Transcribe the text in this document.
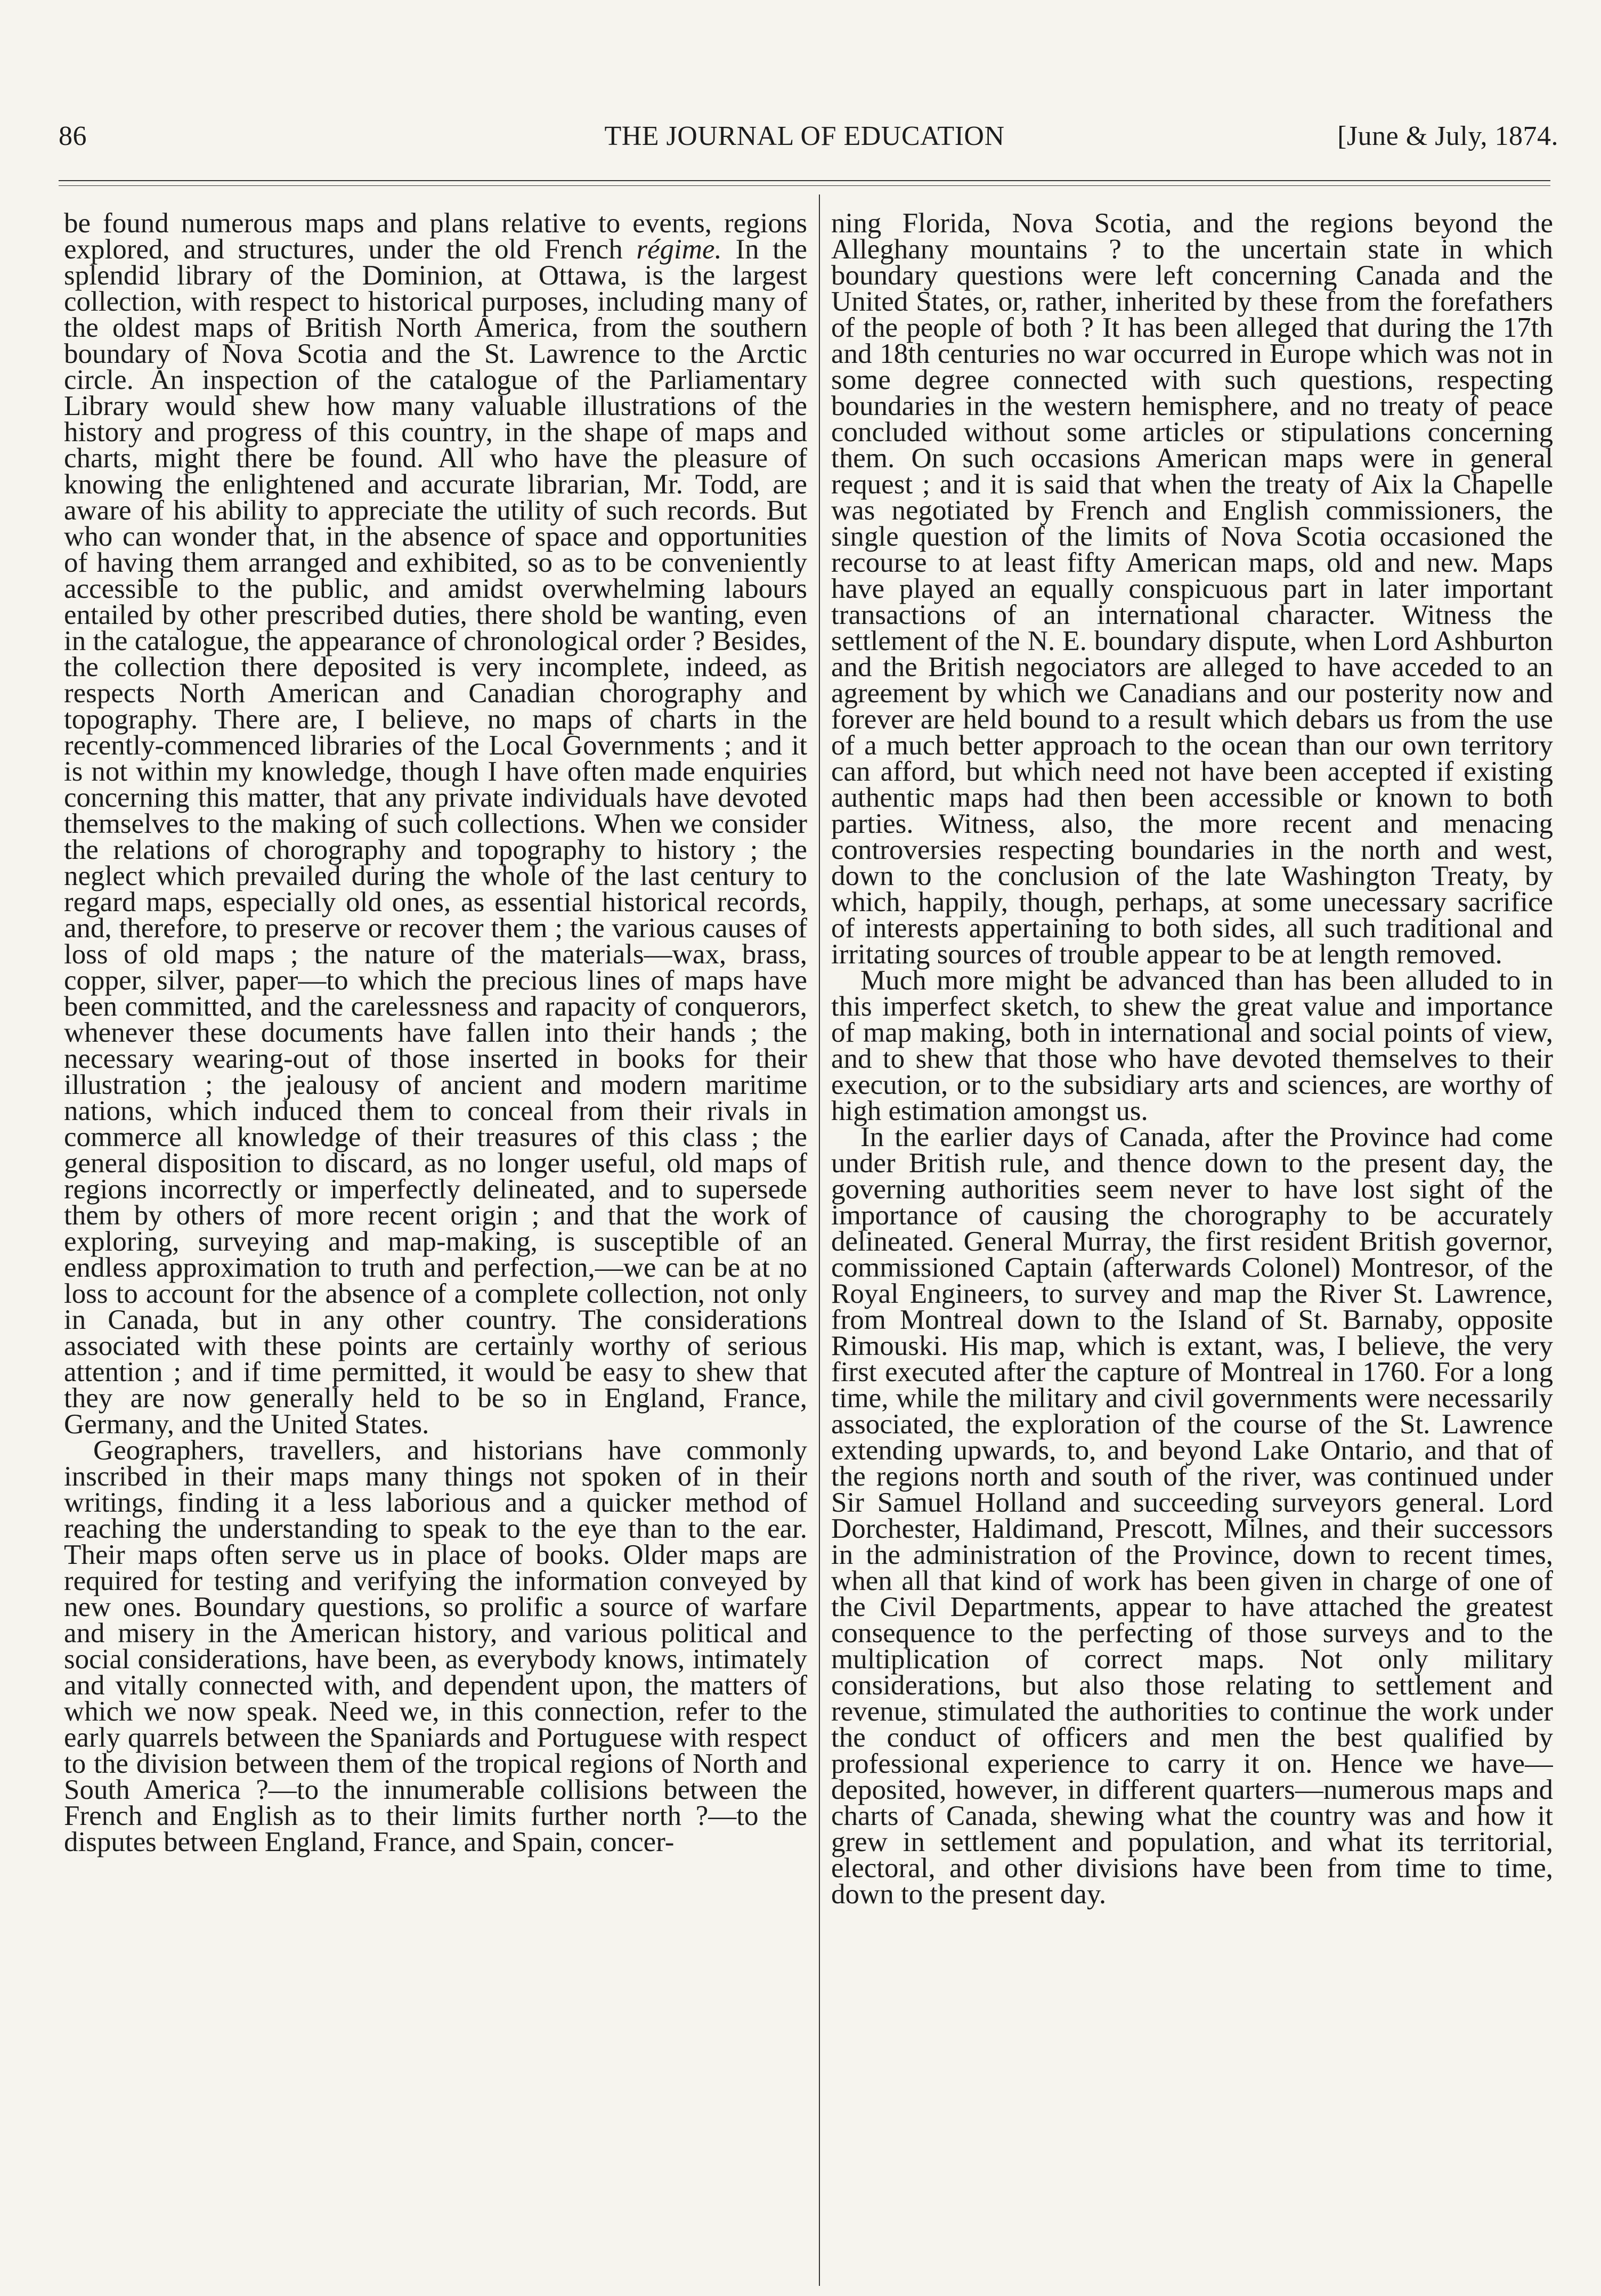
86	THE JOURNAL OF EDUCATION	[June & July, 1874.

be found numerous maps and plans relative to events, regions explored, and structures, under the old French régime. In the splendid library of the Dominion, at Ottawa, is the largest collection, with respect to historical purposes, including many of the oldest maps of British North America, from the southern boundary of Nova Scotia and the St. Lawrence to the Arctic circle. An inspection of the catalogue of the Parliamentary Library would shew how many valuable illustrations of the history and progress of this country, in the shape of maps and charts, might there be found. All who have the pleasure of knowing the enlightened and accurate librarian, Mr. Todd, are aware of his ability to appreciate the utility of such records. But who can wonder that, in the absence of space and opportunities of having them arranged and exhibited, so as to be conveniently accessible to the public, and amidst overwhelming labours entailed by other prescribed duties, there shold be wanting, even in the catalogue, the appearance of chronological order ? Besides, the collection there deposited is very incomplete, indeed, as respects North American and Canadian chorography and topography. There are, I believe, no maps of charts in the recently-commenced libraries of the Local Governments ; and it is not within my knowledge, though I have often made enquiries concerning this matter, that any private individuals have devoted themselves to the making of such collections. When we consider the relations of chorography and topography to history ; the neglect which prevailed during the whole of the last century to regard maps, especially old ones, as essential historical records, and, therefore, to preserve or recover them ; the various causes of loss of old maps ; the nature of the materials—wax, brass, copper, silver, paper—to which the precious lines of maps have been committed, and the carelessness and rapacity of conquerors, whenever these documents have fallen into their hands ; the necessary wearing-out of those inserted in books for their illustration ; the jealousy of ancient and modern maritime nations, which induced them to conceal from their rivals in commerce all knowledge of their treasures of this class ; the general disposition to discard, as no longer useful, old maps of regions incorrectly or imperfectly delineated, and to supersede them by others of more recent origin ; and that the work of exploring, surveying and map-making, is susceptible of an endless approximation to truth and perfection,—we can be at no loss to account for the absence of a complete collection, not only in Canada, but in any other country. The considerations associated with these points are certainly worthy of serious attention ; and if time permitted, it would be easy to shew that they are now generally held to be so in England, France, Germany, and the United States.

Geographers, travellers, and historians have commonly inscribed in their maps many things not spoken of in their writings, finding it a less laborious and a quicker method of reaching the understanding to speak to the eye than to the ear. Their maps often serve us in place of books. Older maps are required for testing and verifying the information conveyed by new ones. Boundary questions, so prolific a source of warfare and misery in the American history, and various political and social considerations, have been, as everybody knows, intimately and vitally connected with, and dependent upon, the matters of which we now speak. Need we, in this connection, refer to the early quarrels between the Spaniards and Portuguese with respect to the division between them of the tropical regions of North and South America ?—to the innumerable collisions between the French and English as to their limits further north ?—to the disputes between England, France, and Spain, concer-

ning Florida, Nova Scotia, and the regions beyond the Alleghany mountains ? to the uncertain state in which boundary questions were left concerning Canada and the United States, or, rather, inherited by these from the forefathers of the people of both ? It has been alleged that during the 17th and 18th centuries no war occurred in Europe which was not in some degree connected with such questions, respecting boundaries in the western hemisphere, and no treaty of peace concluded without some articles or stipulations concerning them. On such occasions American maps were in general request ; and it is said that when the treaty of Aix la Chapelle was negotiated by French and English commissioners, the single question of the limits of Nova Scotia occasioned the recourse to at least fifty American maps, old and new. Maps have played an equally conspicuous part in later important transactions of an international character. Witness the settlement of the N. E. boundary dispute, when Lord Ashburton and the British negociators are alleged to have acceded to an agreement by which we Canadians and our posterity now and forever are held bound to a result which debars us from the use of a much better approach to the ocean than our own territory can afford, but which need not have been accepted if existing authentic maps had then been accessible or known to both parties. Witness, also, the more recent and menacing controversies respecting boundaries in the north and west, down to the conclusion of the late Washington Treaty, by which, happily, though, perhaps, at some unecessary sacrifice of interests appertaining to both sides, all such traditional and irritating sources of trouble appear to be at length removed.

Much more might be advanced than has been alluded to in this imperfect sketch, to shew the great value and importance of map making, both in international and social points of view, and to shew that those who have devoted themselves to their execution, or to the subsidiary arts and sciences, are worthy of high estimation amongst us.

In the earlier days of Canada, after the Province had come under British rule, and thence down to the present day, the governing authorities seem never to have lost sight of the importance of causing the chorography to be accurately delineated. General Murray, the first resident British governor, commissioned Captain (afterwards Colonel) Montresor, of the Royal Engineers, to survey and map the River St. Lawrence, from Montreal down to the Island of St. Barnaby, opposite Rimouski. His map, which is extant, was, I believe, the very first executed after the capture of Montreal in 1760. For a long time, while the military and civil governments were necessarily associated, the exploration of the course of the St. Lawrence extending upwards, to, and beyond Lake Ontario, and that of the regions north and south of the river, was continued under Sir Samuel Holland and succeeding surveyors general. Lord Dorchester, Haldimand, Prescott, Milnes, and their successors in the administration of the Province, down to recent times, when all that kind of work has been given in charge of one of the Civil Departments, appear to have attached the greatest consequence to the perfecting of those surveys and to the multiplication of correct maps. Not only military considerations, but also those relating to settlement and revenue, stimulated the authorities to continue the work under the conduct of officers and men the best qualified by professional experience to carry it on. Hence we have—deposited, however, in different quarters—numerous maps and charts of Canada, shewing what the country was and how it grew in settlement and population, and what its territorial, electoral, and other divisions have been from time to time, down to the present day.
